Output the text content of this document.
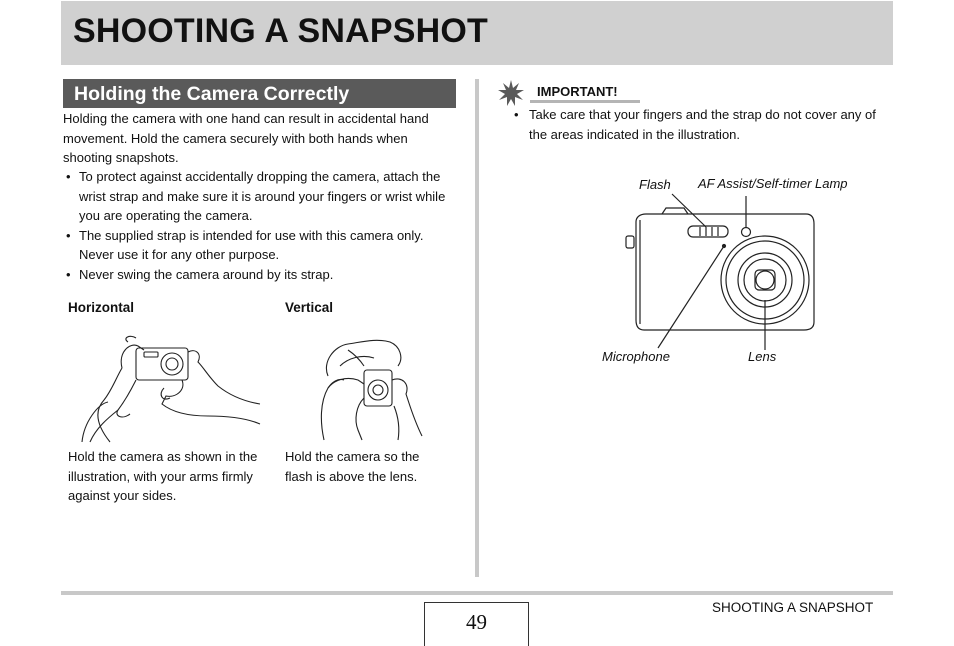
SHOOTING A SNAPSHOT
Holding the Camera Correctly

Holding the camera with one hand can result in accidental hand movement. Hold the camera securely with both hands when shooting snapshots.

• To protect against accidentally dropping the camera, attach the wrist strap and make sure it is around your fingers or wrist while you are operating the camera.
• The supplied strap is intended for use with this camera only. Never use it for any other purpose.
• Never swing the camera around by its strap.
Horizontal	Vertical

Hold the camera as shown in the illustration, with your arms firmly against your sides.

Hold the camera so the flash is above the lens.

IMPORTANT!
• Take care that your fingers and the strap do not cover any of the areas indicated in the illustration.
Flash AF Assist/Self-timer Lamp
Microphone	Lens
49
SHOOTING A SNAPSHOT
